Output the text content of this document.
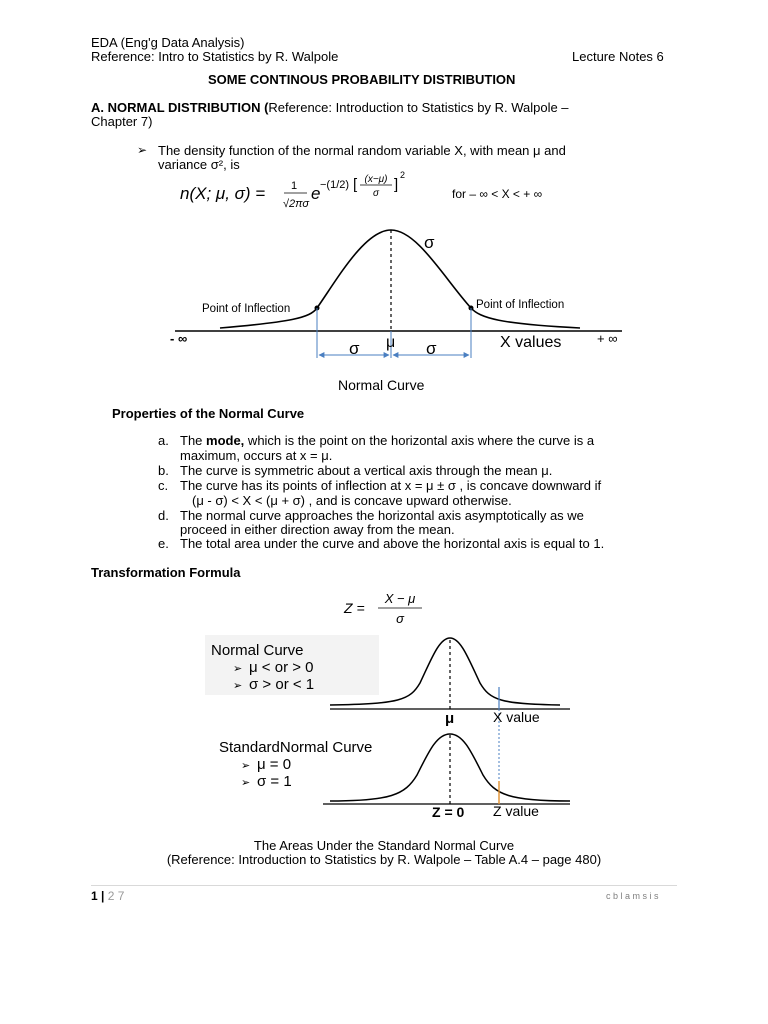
EDA (Eng'g Data Analysis)
Reference: Intro to Statistics by R. Walpole	Lecture Notes 6
SOME CONTINOUS PROBABILITY DISTRIBUTION
A. NORMAL DISTRIBUTION (Reference: Introduction to Statistics by R. Walpole –
Chapter 7)
➢ The density function of the normal random variable X, with mean μ and
variance σ², is
n(X; μ, σ) = 1
√2πσ
e −(1/2) [ (x−μ)
σ
]
2
for – ∞ < X < + ∞
σ
Point of Inflection	Point of Inflection
- ∞	+ ∞
μ
σ	σ	X values
Normal Curve
Properties of the Normal Curve
a. The mode, which is the point on the horizontal axis where the curve is a
maximum, occurs at x = μ.
b. The curve is symmetric about a vertical axis through the mean μ.
c. The curve has its points of inflection at x = μ ± σ , is concave downward if
(μ - σ) < X < (μ + σ) , and is concave upward otherwise.
d. The normal curve approaches the horizontal axis asymptotically as we
proceed in either direction away from the mean.
e. The total area under the curve and above the horizontal axis is equal to 1.
Transformation Formula
Z =
X − μ
σ
Normal Curve
➢ μ < or > 0
➢ σ > or < 1
μ	X value
StandardNormal Curve
➢ μ = 0
➢ σ = 1
Z = 0 Z value
The Areas Under the Standard Normal Curve
(Reference: Introduction to Statistics by R. Walpole – Table A.4 – page 480)
1 | 2 7	c b l a m s i s
